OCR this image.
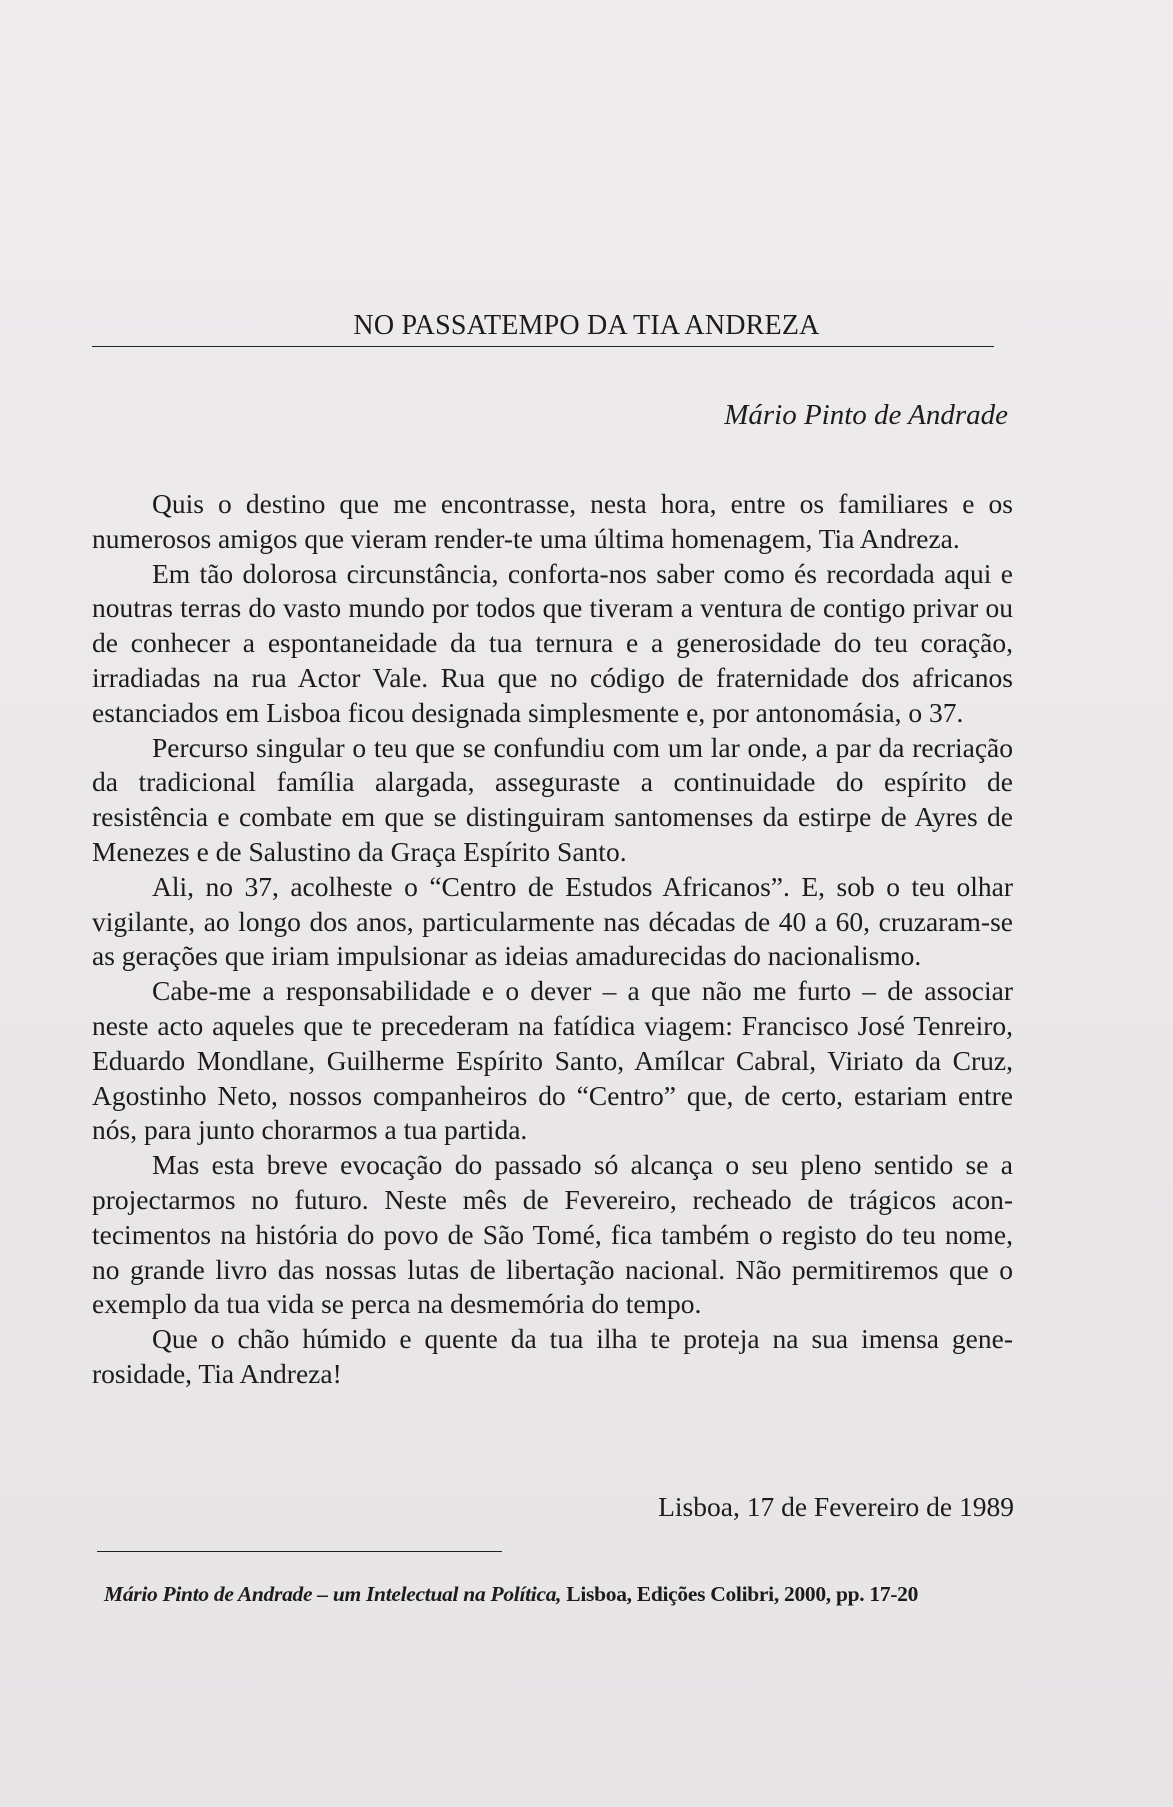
NO PASSATEMPO DA TIA ANDREZA
Mário Pinto de Andrade

Quis o destino que me encontrasse, nesta hora, entre os familiares e os numerosos amigos que vieram render-te uma última homenagem, Tia Andreza.

Em tão dolorosa circunstância, conforta-nos saber como és recordada aqui e noutras terras do vasto mundo por todos que tiveram a ventura de contigo privar ou de conhecer a espontaneidade da tua ternura e a generosidade do teu coração, irradiadas na rua Actor Vale. Rua que no código de fraternidade dos africanos estanciados em Lisboa ficou designada simplesmente e, por antonomásia, o 37.

Percurso singular o teu que se confundiu com um lar onde, a par da recriação da tradicional família alargada, asseguraste a continuidade do espírito de resistência e combate em que se distinguiram santomenses da estirpe de Ayres de Menezes e de Salustino da Graça Espírito Santo.

Ali, no 37, acolheste o “Centro de Estudos Africanos”. E, sob o teu olhar vigilante, ao longo dos anos, particularmente nas décadas de 40 a 60, cruzaram-se as gerações que iriam impulsionar as ideias amadurecidas do nacionalismo.

Cabe-me a responsabilidade e o dever – a que não me furto – de associar neste acto aqueles que te precederam na fatídica viagem: Francisco José Tenreiro, Eduardo Mondlane, Guilherme Espírito Santo, Amílcar Cabral, Viriato da Cruz, Agostinho Neto, nossos companheiros do “Centro” que, de certo, estariam entre nós, para junto chorarmos a tua partida.

Mas esta breve evocação do passado só alcança o seu pleno sentido se a projectarmos no futuro. Neste mês de Fevereiro, recheado de trágicos acontecimentos na história do povo de São Tomé, fica também o registo do teu nome, no grande livro das nossas lutas de libertação nacional. Não permitiremos que o exemplo da tua vida se perca na desmemória do tempo.

Que o chão húmido e quente da tua ilha te proteja na sua imensa generosidade, Tia Andreza!

Lisboa, 17 de Fevereiro de 1989
Mário Pinto de Andrade – um Intelectual na Política, Lisboa, Edições Colibri, 2000, pp. 17-20
